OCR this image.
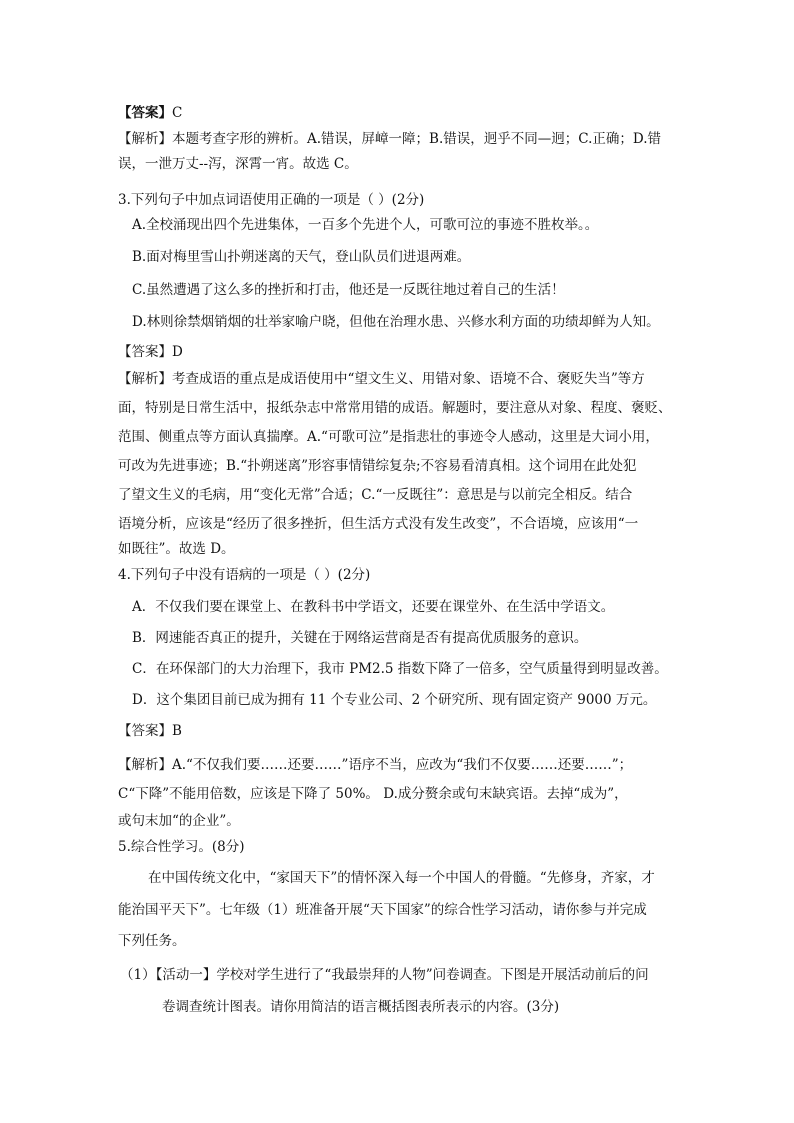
【答案】C
【解析】本题考查字形的辨析。A.错误，屏嶂一障；B.错误，迥乎不同—迥；C.正确；D.错
误，一泄万丈--泻，深霄一宵。故选 C。
3.下列句子中加点词语使用正确的一项是（ ）(2分)
A.全校涌现出四个先进集体，一百多个先进个人，可歌可泣的事迹不胜枚举。。
B.面对梅里雪山扑朔迷离的天气，登山队员们进退两难。
C.虽然遭遇了这么多的挫折和打击，他还是一反既往地过着自己的生活！
D.林则徐禁烟销烟的壮举家喻户晓，但他在治理水患、兴修水利方面的功绩却鲜为人知。
【答案】D
【解析】考查成语的重点是成语使用中“望文生义、用错对象、语境不合、褒贬失当”等方
面，特别是日常生活中，报纸杂志中常常用错的成语。解题时，要注意从对象、程度、褒贬、
范围、侧重点等方面认真揣摩。A.“可歌可泣”是指悲壮的事迹令人感动，这里是大词小用，
可改为先进事迹；B.“扑朔迷离”形容事情错综复杂;不容易看清真相。这个词用在此处犯
了望文生义的毛病，用“变化无常”合适；C.“一反既往”：意思是与以前完全相反。结合
语境分析，应该是“经历了很多挫折，但生活方式没有发生改变”，不合语境，应该用“一
如既往”。故选 D。
4.下列句子中没有语病的一项是（ ）(2分)
A．不仅我们要在课堂上、在教科书中学语文，还要在课堂外、在生活中学语文。
B．网速能否真正的提升，关键在于网络运营商是否有提高优质服务的意识。
C．在环保部门的大力治理下，我市 PM2.5 指数下降了一倍多，空气质量得到明显改善。
D．这个集团目前已成为拥有 11 个专业公司、2 个研究所、现有固定资产 9000 万元。
【答案】B
【解析】A.“不仅我们要……还要……”语序不当，应改为“我们不仅要……还要……”；
C“下降”不能用倍数，应该是下降了 50%。 D.成分赘余或句末缺宾语。去掉“成为”，
或句末加“的企业”。
5.综合性学习。(8分)
在中国传统文化中，“家国天下”的情怀深入每一个中国人的骨髓。“先修身，齐家，才
能治国平天下”。七年级（1）班准备开展“天下国家”的综合性学习活动，请你参与并完成
下列任务。
（1）【活动一】学校对学生进行了“我最崇拜的人物”问卷调查。下图是开展活动前后的问
卷调查统计图表。请你用简洁的语言概括图表所表示的内容。(3分)
